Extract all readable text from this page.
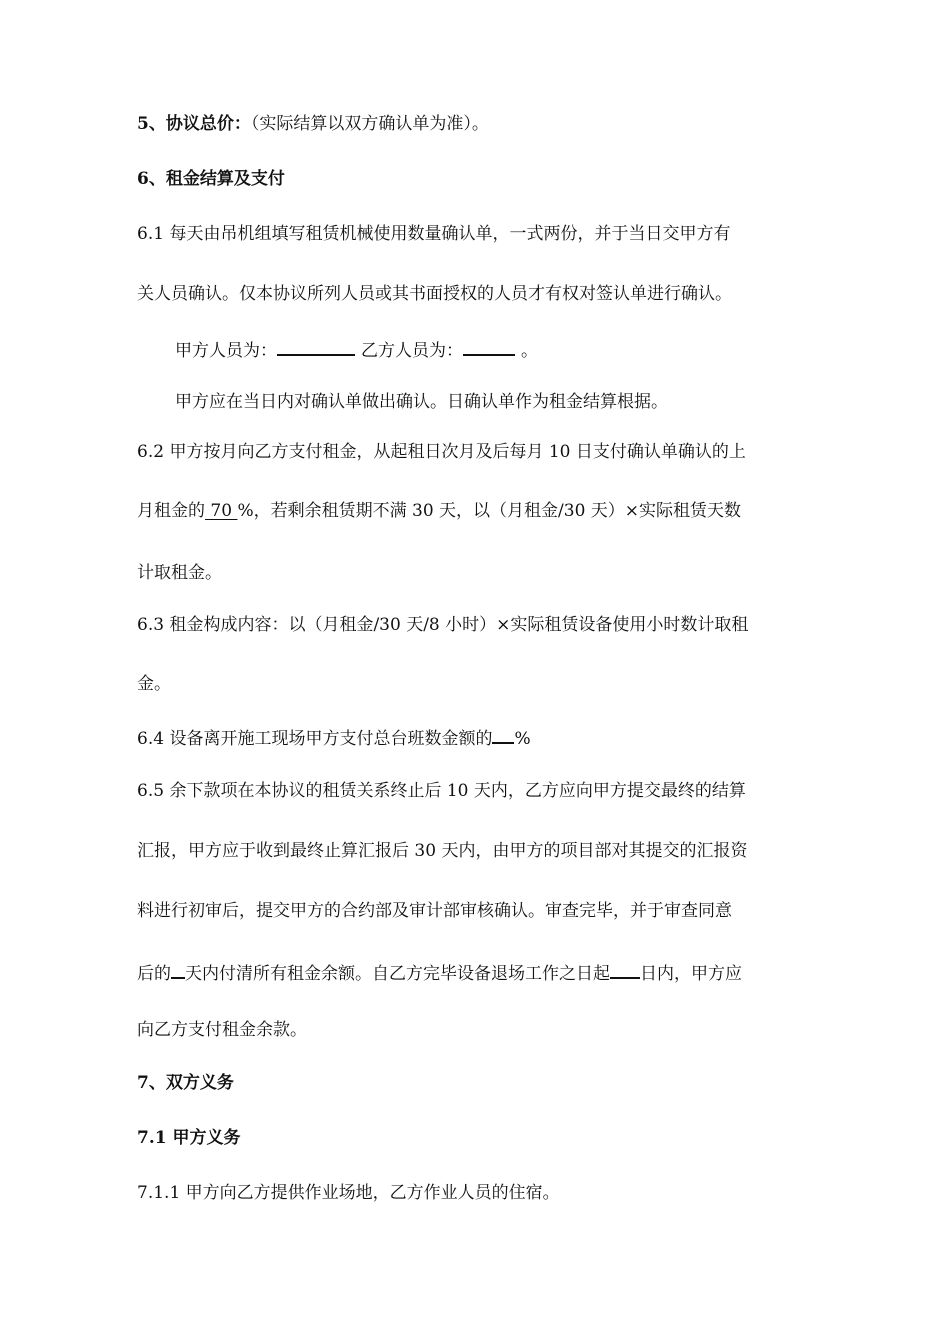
5、协议总价：（实际结算以双方确认单为准）。
6、租金结算及支付
6.1 每天由吊机组填写租赁机械使用数量确认单，一式两份，并于当日交甲方有
关人员确认。仅本协议所列人员或其书面授权的人员才有权对签认单进行确认。
甲方人员为：	乙方人员为：	。
甲方应在当日内对确认单做出确认。日确认单作为租金结算根据。
6.2 甲方按月向乙方支付租金，从起租日次月及后每月 10 日支付确认单确认的上
月租金的 70 %，若剩余租赁期不满 30 天，以（月租金/30 天）×实际租赁天数
计取租金。
6.3 租金构成内容：以（月租金/30 天/8 小时）×实际租赁设备使用小时数计取租
金。
6.4 设备离开施工现场甲方支付总台班数金额的 %
6.5 余下款项在本协议的租赁关系终止后 10 天内，乙方应向甲方提交最终的结算
汇报，甲方应于收到最终止算汇报后 30 天内，由甲方的项目部对其提交的汇报资
料进行初审后，提交甲方的合约部及审计部审核确认。审查完毕，并于审查同意
后的 天内付清所有租金余额。自乙方完毕设备退场工作之日起 日内，甲方应
向乙方支付租金余款。
7、双方义务
7.1 甲方义务
7.1.1 甲方向乙方提供作业场地，乙方作业人员的住宿。
